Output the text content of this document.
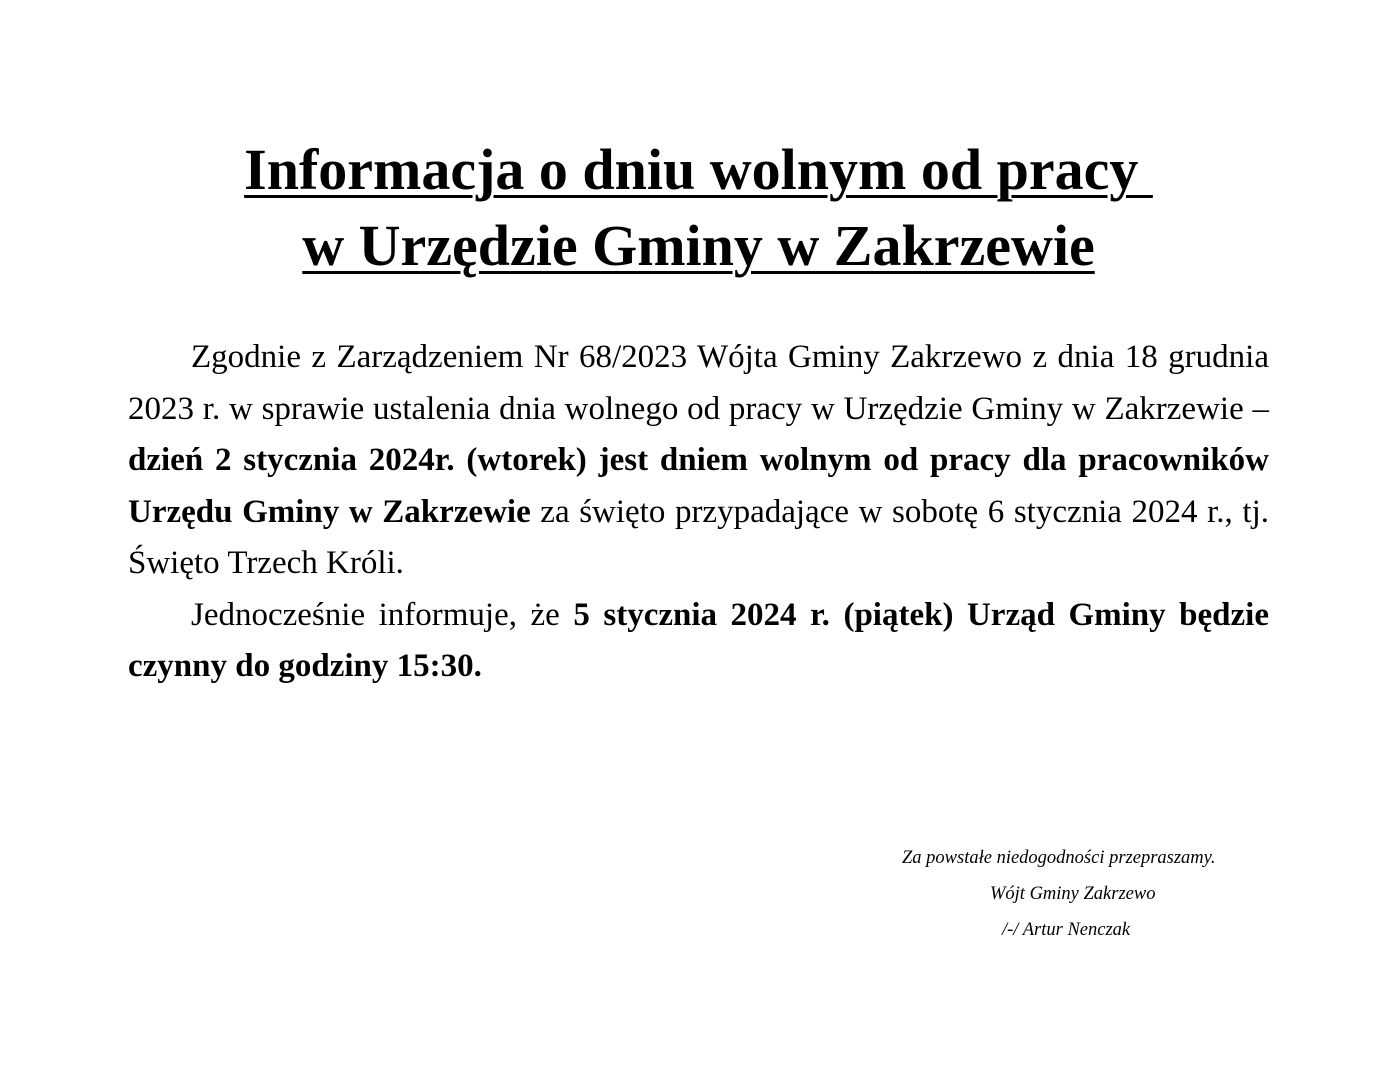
Informacja o dniu wolnym od pracy
w Urzędzie Gminy w Zakrzewie

Zgodnie z Zarządzeniem Nr 68/2023 Wójta Gminy Zakrzewo z dnia 18 grudnia 2023 r. w sprawie ustalenia dnia wolnego od pracy w Urzędzie Gminy w Zakrzewie – dzień 2 stycznia 2024r. (wtorek) jest dniem wolnym od pracy dla pracowników Urzędu Gminy w Zakrzewie za święto przypadające w sobotę 6 stycznia 2024 r., tj. Święto Trzech Króli.

Jednocześnie informuje, że 5 stycznia 2024 r. (piątek) Urząd Gminy będzie czynny do godziny 15:30.

Za powstałe niedogodności przepraszamy.
Wójt Gminy Zakrzewo
/-/ Artur Nenczak
